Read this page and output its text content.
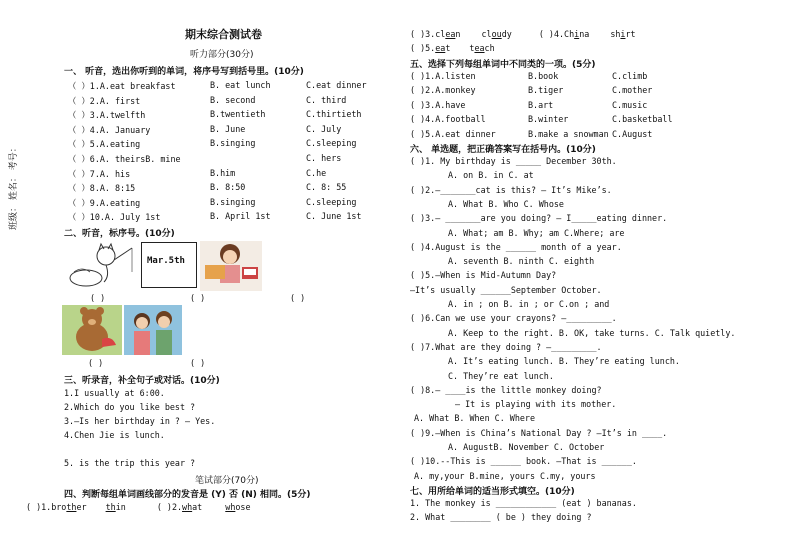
班级： 姓名： 考号：
期末综合测试卷
听力部分(30分)
一、 听音，选出你听到的单词，将序号写到括号里。(10分)
（ ）1.A.eat breakfast	B. eat lunch	C.eat dinner
（ ）2.A. first	B. second	C. third
（ ）3.A.twelfth	B.twentieth	C.thirtieth
（ ）4.A. January	B. June	C. July
（ ）5.A.eating	B.singing	C.sleeping
（ ）6.A. theirsB. mine	C. hers
（ ）7.A. his	B.him	C.he
（ ）8.A. 8:15	B. 8:50	C. 8: 55
（ ）9.A.eating	B.singing	C.sleeping
（ ）10.A. July 1st	B. April 1st	C. June 1st
二、听音，标序号。(10分)
Mar.5th
( )	( )	( )
( )	( )
三、听录音，补全句子或对话。(10分)
1.I usually at 6:00.
2.Which do you like best ?
3.—Is her birthday in ? — Yes.
4.Chen Jie is lunch.
5. is the trip this year ?
笔试部分(70分)
四、判断每组单词画线部分的发音是 (Y) 否 (N) 相同。(5分)
( )1.brother thin	( )2.what	whose
( )3.clean	cloudy	( )4.China	shirt
( )5.eat teach
五、选择下列每组单词中不同类的一项。(5分)
( )1.A.listen	B.book	C.climb
( )2.A.monkey	B.tiger	C.mother
( )3.A.have	B.art	C.music
( )4.A.football	B.winter	C.basketball
( )5.A.eat dinner	B.make a snowman C.August
六、 单选题，把正确答案写在括号内。(10分)
( )1. My birthday is _____ December 30th.
A. on B. in C. at
( )2.—_______cat is this? — It’s Mike’s.
A. What B. Who C. Whose
( )3.— _______are you doing? — I_____eating dinner.
A. What; am B. Why; am C.Where; are
( )4.August is the ______ month of a year.
A. seventh B. ninth C. eighth
( )5.—When is Mid-Autumn Day?
—It’s usually ______September October.
A. in ; on B. in ; or C.on ; and
( )6.Can we use your crayons? —_________.
A. Keep to the right. B. OK, take turns. C. Talk quietly.
( )7.What are they doing ? —_________.
A. It’s eating lunch. B. They’re eating lunch.
C. They’re eat lunch.
( )8.— ____is the little monkey doing?
— It is playing with its mother.
A. What B. When C. Where
( )9.—When is China’s National Day ? —It’s in ____.
A. AugustB. November C. October
( )10.--This is ______ book. —That is ______.
A. my,your B.mine, yours C.my, yours
七、用所给单词的适当形式填空。(10分)
1. The monkey is ____________ (eat ) bananas.
2. What ________ ( be ) they doing ?
